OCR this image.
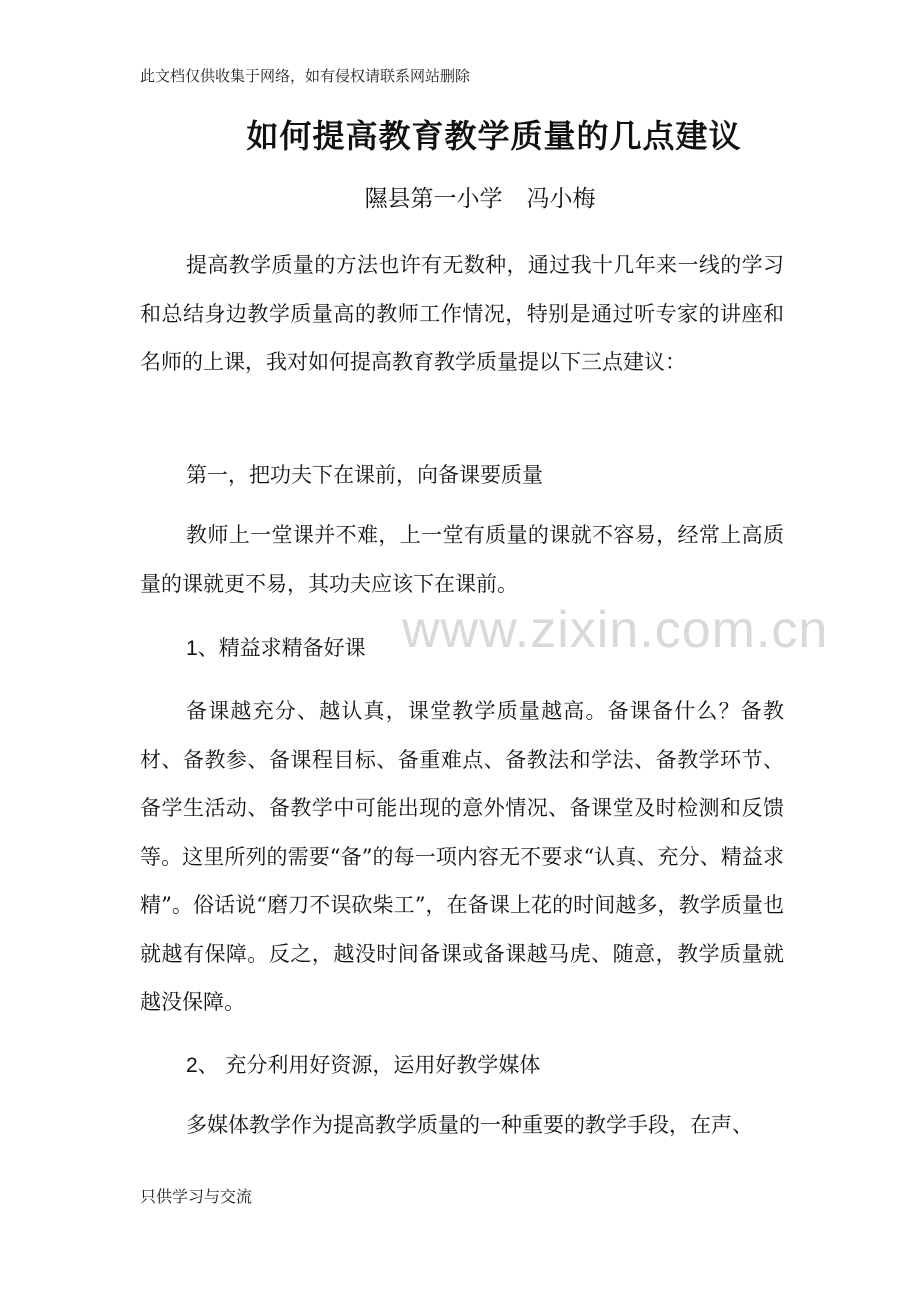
此文档仅供收集于网络，如有侵权请联系网站删除
如何提高教育教学质量的几点建议
隰县第一小学 冯小梅
提高教学质量的方法也许有无数种，通过我十几年来一线的学习和总结身边教学质量高的教师工作情况，特别是通过听专家的讲座和名师的上课，我对如何提高教育教学质量提以下三点建议：
第一，把功夫下在课前，向备课要质量
教师上一堂课并不难，上一堂有质量的课就不容易，经常上高质量的课就更不易，其功夫应该下在课前。
1、精益求精备好课
备课越充分、越认真，课堂教学质量越高。备课备什么？备教材、备教参、备课程目标、备重难点、备教法和学法、备教学环节、备学生活动、备教学中可能出现的意外情况、备课堂及时检测和反馈等。这里所列的需要“备”的每一项内容无不要求“认真、充分、精益求精”。俗话说“磨刀不误砍柴工”，在备课上花的时间越多，教学质量也就越有保障。反之，越没时间备课或备课越马虎、随意，教学质量就越没保障。
2、 充分利用好资源，运用好教学媒体
多媒体教学作为提高教学质量的一种重要的教学手段，在声、
www.zixin.com.cn
只供学习与交流
